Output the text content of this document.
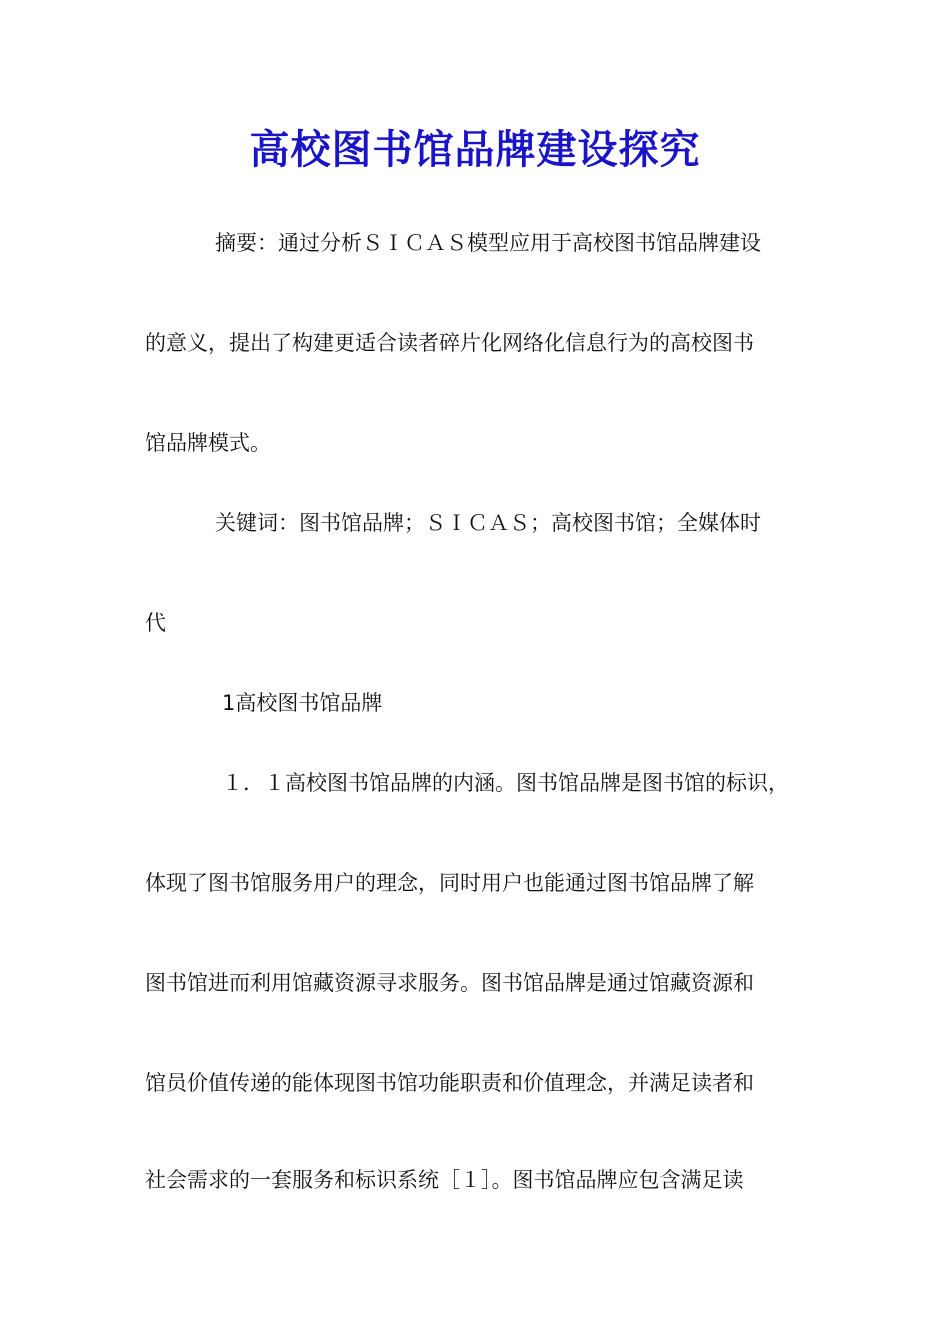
高校图书馆品牌建设探究
摘要：通过分析ＳＩＣＡＳ模型应用于高校图书馆品牌建设
的意义，提出了构建更适合读者碎片化网络化信息行为的高校图书
馆品牌模式。
关键词：图书馆品牌；ＳＩＣＡＳ；高校图书馆；全媒体时
代
1高校图书馆品牌
１．１高校图书馆品牌的内涵。图书馆品牌是图书馆的标识，
体现了图书馆服务用户的理念，同时用户也能通过图书馆品牌了解
图书馆进而利用馆藏资源寻求服务。图书馆品牌是通过馆藏资源和
馆员价值传递的能体现图书馆功能职责和价值理念，并满足读者和
社会需求的一套服务和标识系统［１］。图书馆品牌应包含满足读
